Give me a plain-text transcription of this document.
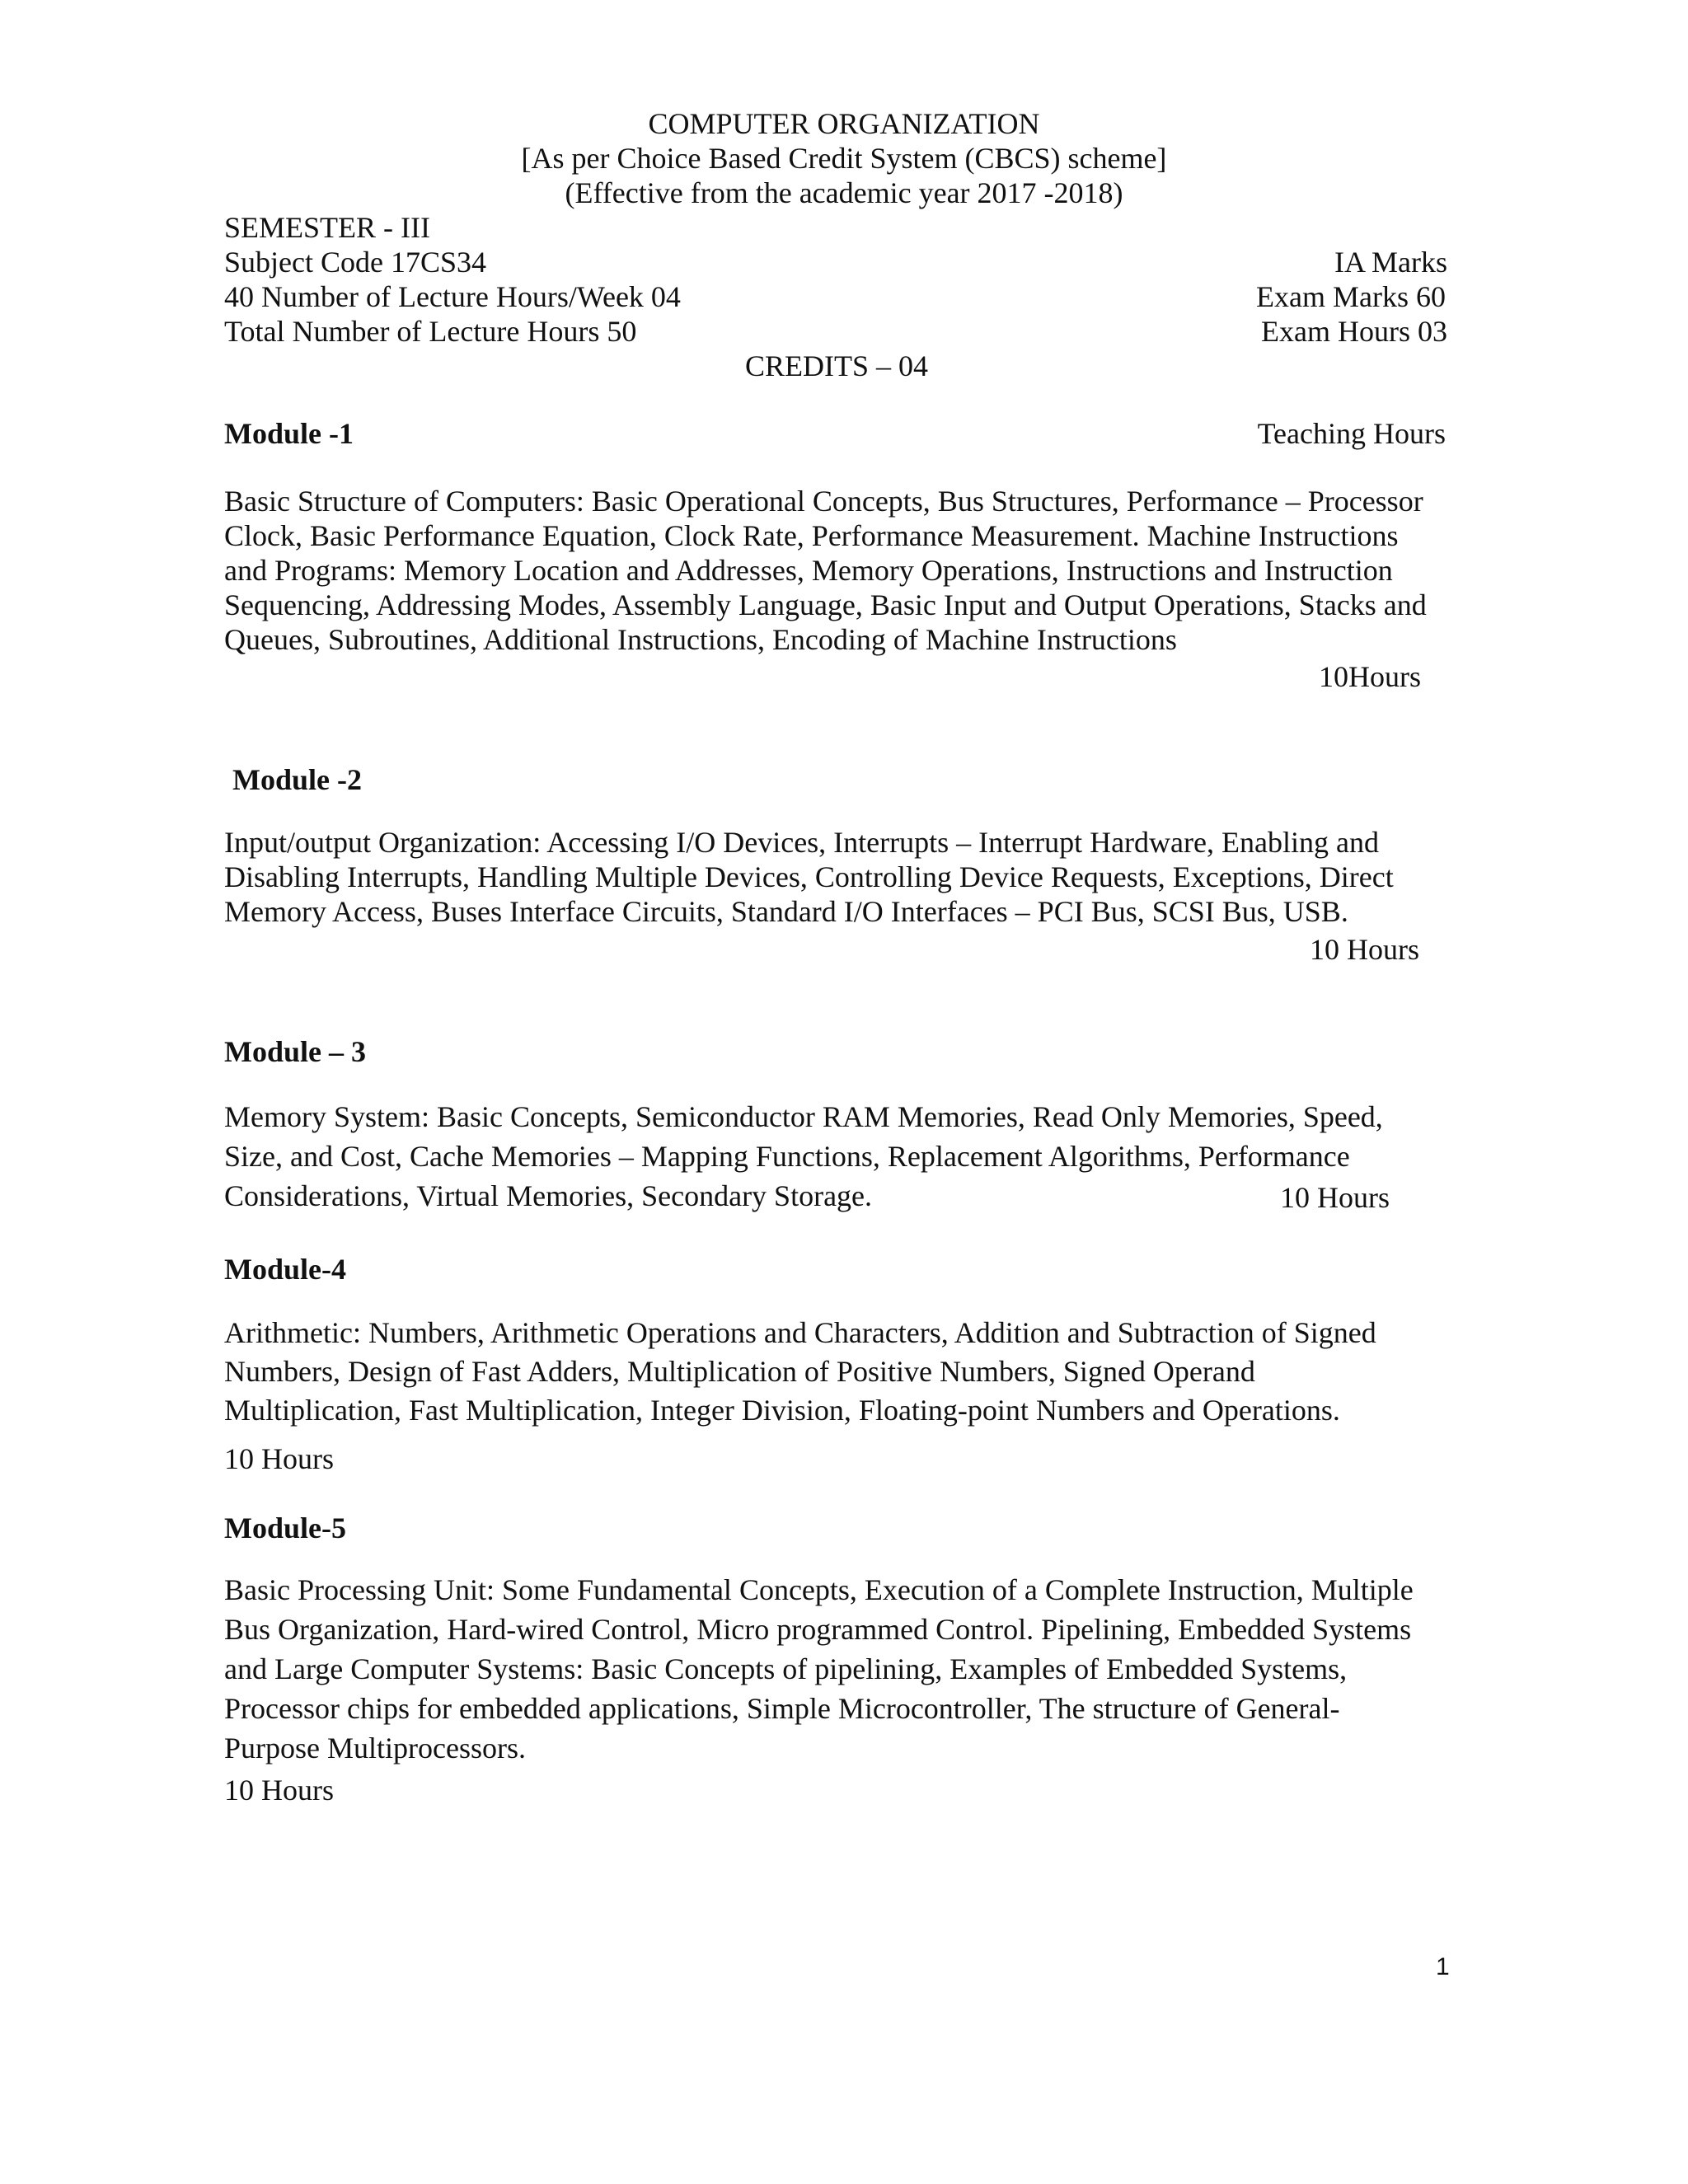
COMPUTER ORGANIZATION
[As per Choice Based Credit System (CBCS) scheme]
(Effective from the academic year 2017 -2018)
SEMESTER - III
Subject Code 17CS34	IA Marks
40 Number of Lecture Hours/Week 04	Exam Marks 60
Total Number of Lecture Hours 50	Exam Hours 03
CREDITS – 04
Module -1	Teaching Hours
Basic Structure of Computers: Basic Operational Concepts, Bus Structures, Performance – Processor
Clock, Basic Performance Equation, Clock Rate, Performance Measurement. Machine Instructions
and Programs: Memory Location and Addresses, Memory Operations, Instructions and Instruction
Sequencing, Addressing Modes, Assembly Language, Basic Input and Output Operations, Stacks and
Queues, Subroutines, Additional Instructions, Encoding of Machine Instructions
10Hours
Module -2
Input/output Organization: Accessing I/O Devices, Interrupts – Interrupt Hardware, Enabling and
Disabling Interrupts, Handling Multiple Devices, Controlling Device Requests, Exceptions, Direct
Memory Access, Buses Interface Circuits, Standard I/O Interfaces – PCI Bus, SCSI Bus, USB.
10 Hours
Module – 3
Memory System: Basic Concepts, Semiconductor RAM Memories, Read Only Memories, Speed,
Size, and Cost, Cache Memories – Mapping Functions, Replacement Algorithms, Performance
Considerations, Virtual Memories, Secondary Storage.	10 Hours
Module-4
Arithmetic: Numbers, Arithmetic Operations and Characters, Addition and Subtraction of Signed
Numbers, Design of Fast Adders, Multiplication of Positive Numbers, Signed Operand
Multiplication, Fast Multiplication, Integer Division, Floating-point Numbers and Operations.
10 Hours
Module-5
Basic Processing Unit: Some Fundamental Concepts, Execution of a Complete Instruction, Multiple
Bus Organization, Hard-wired Control, Micro programmed Control. Pipelining, Embedded Systems
and Large Computer Systems: Basic Concepts of pipelining, Examples of Embedded Systems,
Processor chips for embedded applications, Simple Microcontroller, The structure of General-
Purpose Multiprocessors.
10 Hours
1
